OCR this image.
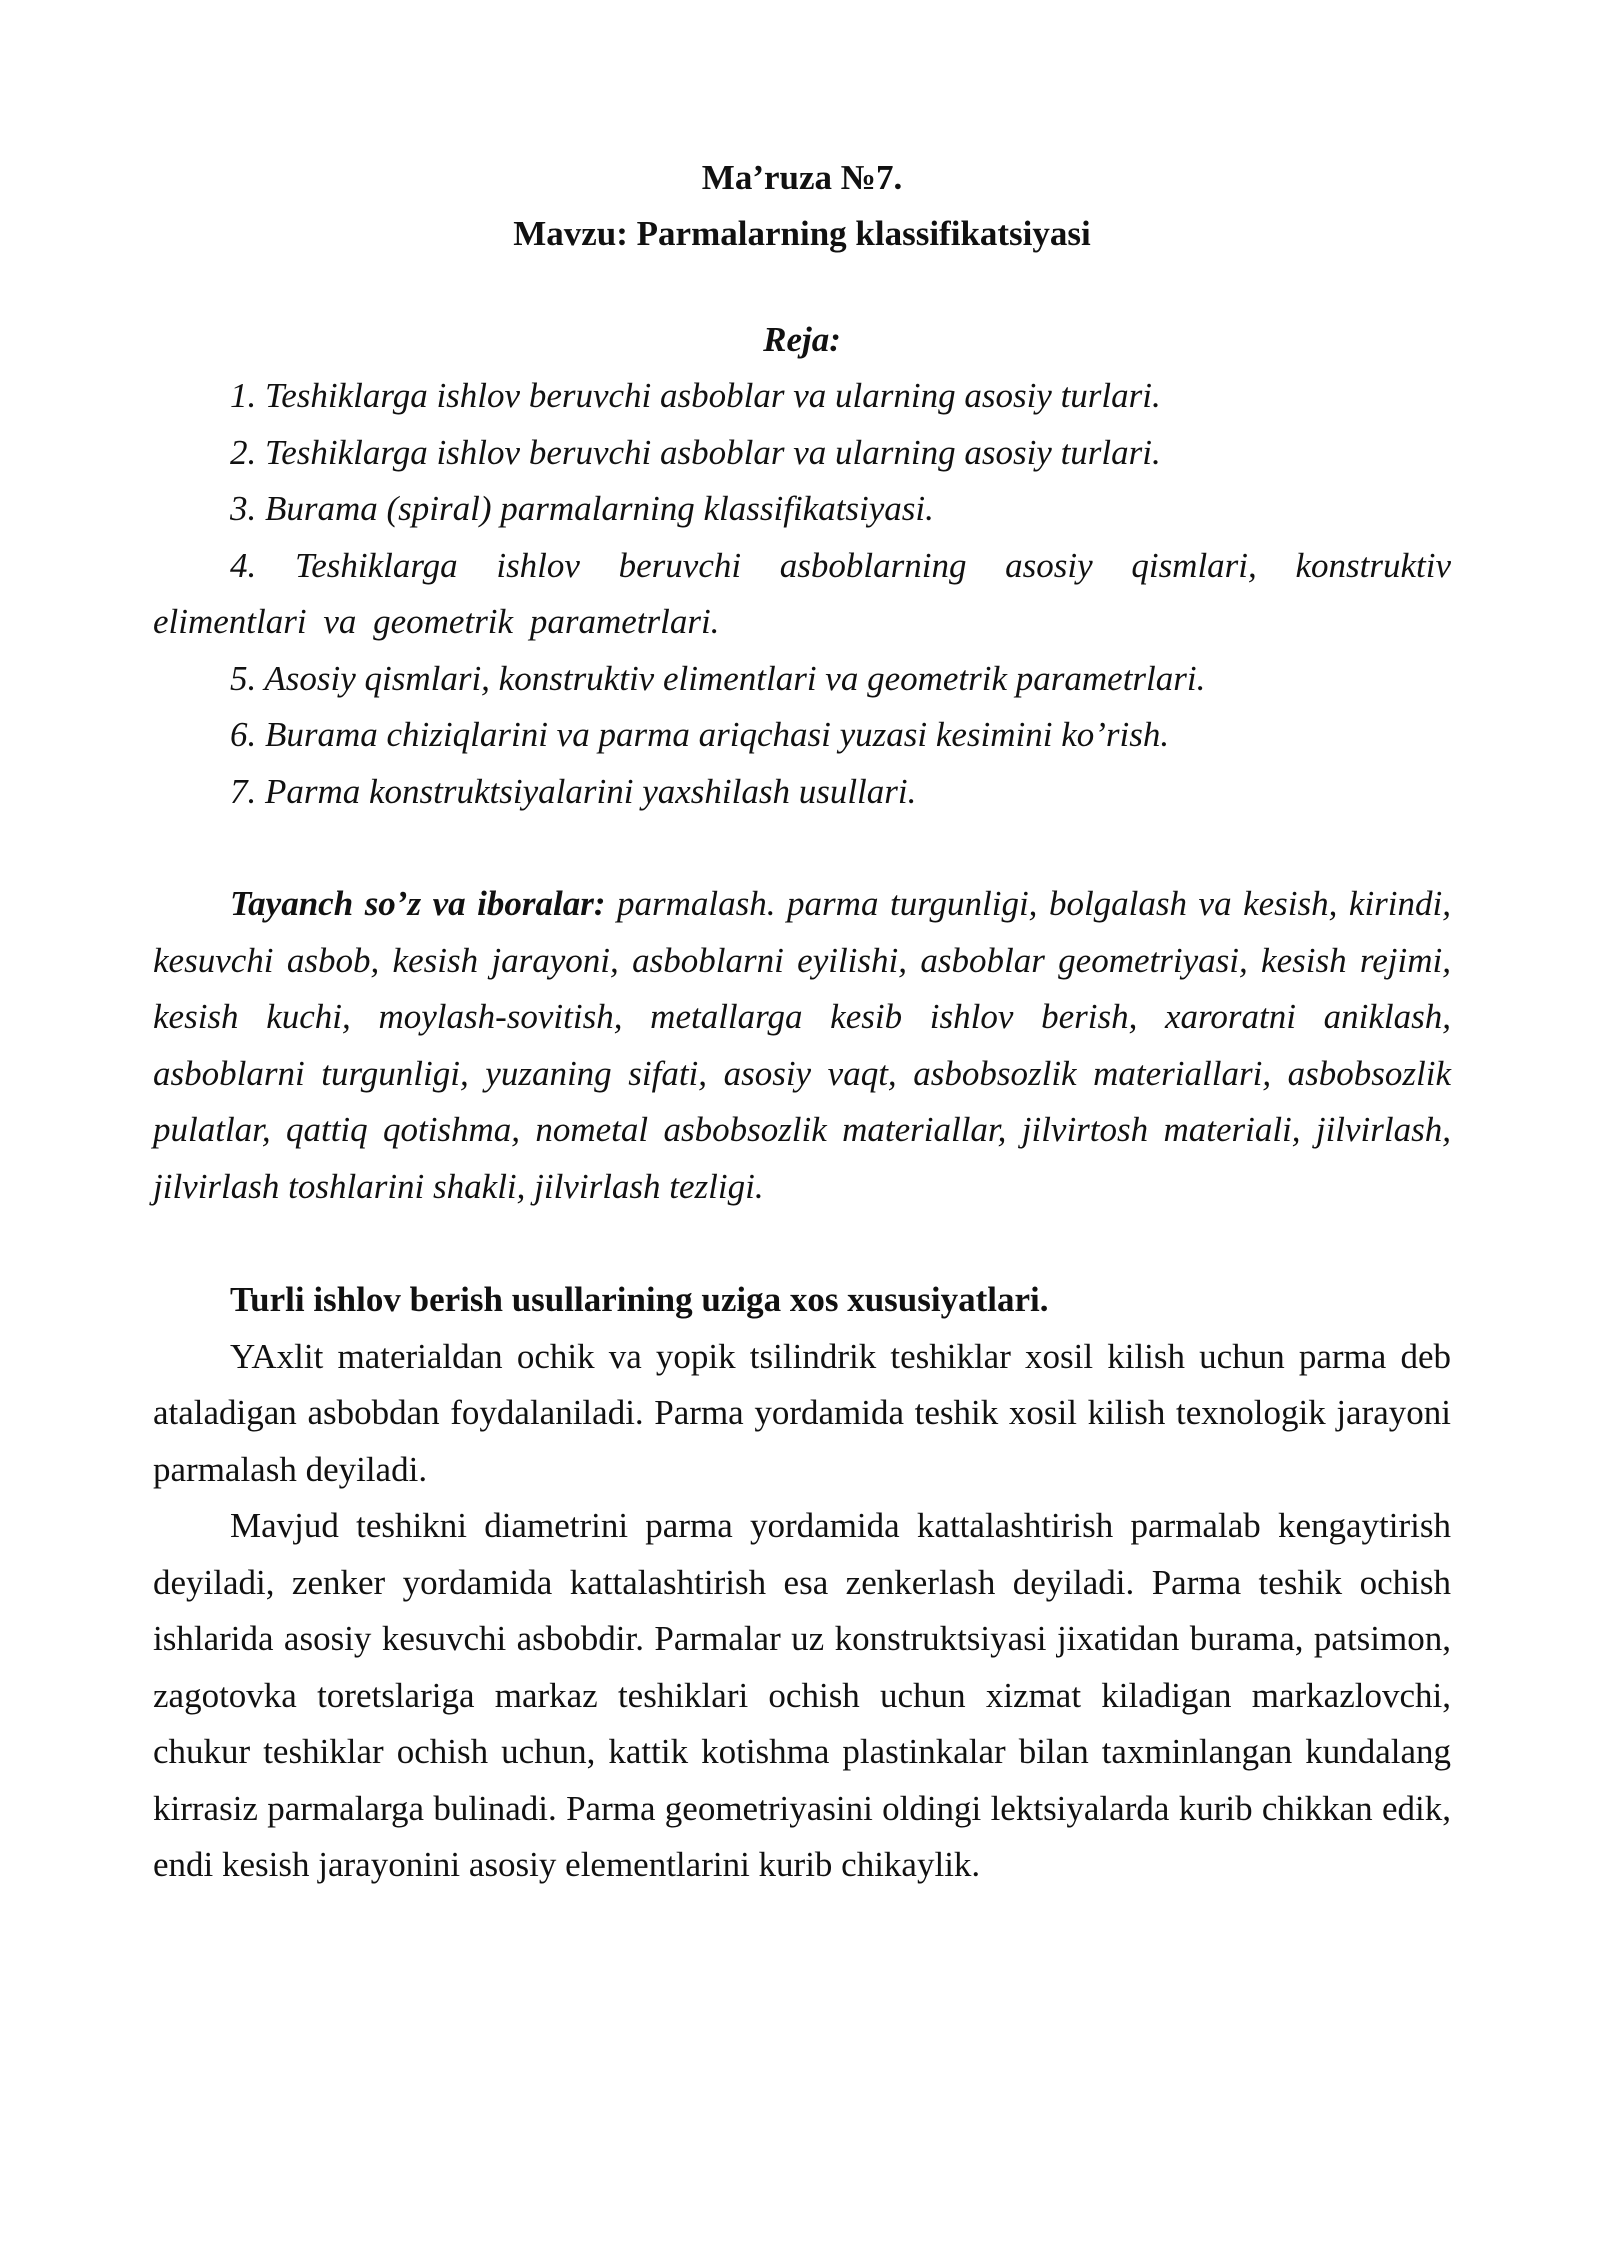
Ma’ruza №7.
Mavzu: Parmalarning klassifikatsiyasi
Reja:
1. Teshiklarga ishlov beruvchi asboblar va ularning asosiy turlari.
2. Teshiklarga ishlov beruvchi asboblar va ularning asosiy turlari.
3. Burama (spiral) parmalarning klassifikatsiyasi.
4. Teshiklarga ishlov beruvchi asboblarning asosiy qismlari, konstruktiv elimentlari va geometrik parametrlari.
5. Asosiy qismlari, konstruktiv elimentlari va geometrik parametrlari.
6. Burama chiziqlarini va parma ariqchasi yuzasi kesimini ko’rish.
7. Parma konstruktsiyalarini yaxshilash usullari.
Tayanch so’z va iboralar: parmalash. parma turgunligi, bolgalash va kesish, kirindi, kesuvchi asbob, kesish jarayoni, asboblarni eyilishi, asboblar geometriyasi, kesish rejimi, kesish kuchi, moylash-sovitish, metallarga kesib ishlov berish, xaroratni aniklash, asboblarni turgunligi, yuzaning sifati, asosiy vaqt, asbobsozlik materiallari, asbobsozlik pulatlar, qattiq qotishma, nometal asbobsozlik materiallar, jilvirtosh materiali, jilvirlash, jilvirlash toshlarini shakli, jilvirlash tezligi.
Turli ishlov berish usullarining uziga xos xususiyatlari.

YAxlit materialdan ochik va yopik tsilindrik teshiklar xosil kilish uchun parma deb ataladigan asbobdan foydalaniladi. Parma yordamida teshik xosil kilish texnologik jarayoni parmalash deyiladi.

Mavjud teshikni diametrini parma yordamida kattalashtirish parmalab kengaytirish deyiladi, zenker yordamida kattalashtirish esa zenkerlash deyiladi. Parma teshik ochish ishlarida asosiy kesuvchi asbobdir. Parmalar uz konstruktsiyasi jixatidan burama, patsimon, zagotovka toretslariga markaz teshiklari ochish uchun xizmat kiladigan markazlovchi, chukur teshiklar ochish uchun, kattik kotishma plastinkalar bilan taxminlangan kundalang kirrasiz parmalarga bulinadi. Parma geometriyasini oldingi lektsiyalarda kurib chikkan edik, endi kesish jarayonini asosiy elementlarini kurib chikaylik.
